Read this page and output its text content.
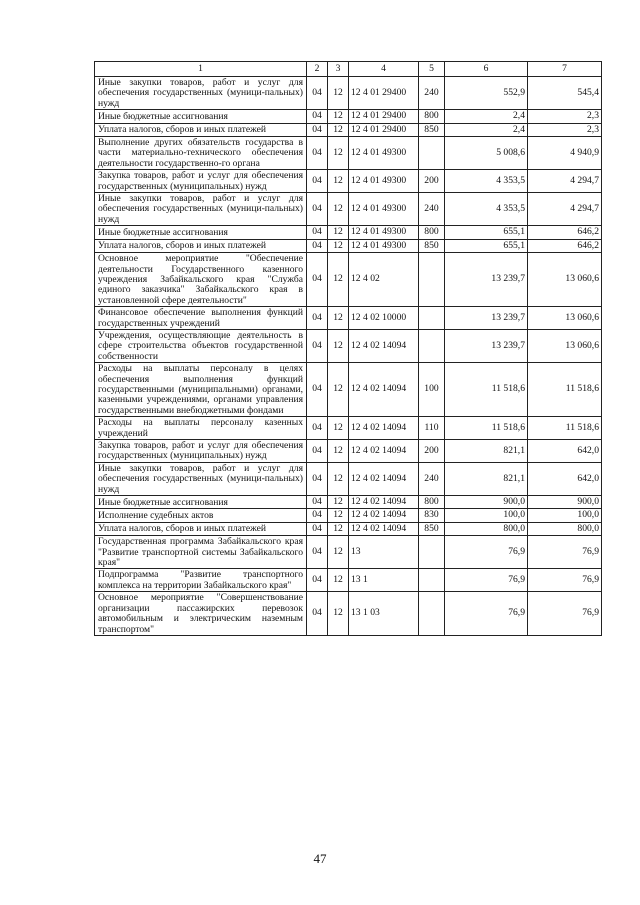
1	2	3	4	5	6	7
Иные закупки товаров, работ и услуг для обеспечения государственных (муници-пальных) нужд	04	12	12 4 01 29400	240	552,9	545,4
Иные бюджетные ассигнования	04	12	12 4 01 29400	800	2,4	2,3
Уплата налогов, сборов и иных платежей	04	12	12 4 01 29400	850	2,4	2,3
Выполнение других обязательств государства в части материально-технического обеспечения деятельности государственно-го органа	04	12	12 4 01 49300		5 008,6	4 940,9
Закупка товаров, работ и услуг для обеспечения государственных (муниципальных) нужд	04	12	12 4 01 49300	200	4 353,5	4 294,7
Иные закупки товаров, работ и услуг для обеспечения государственных (муници-пальных) нужд	04	12	12 4 01 49300	240	4 353,5	4 294,7
Иные бюджетные ассигнования	04	12	12 4 01 49300	800	655,1	646,2
Уплата налогов, сборов и иных платежей	04	12	12 4 01 49300	850	655,1	646,2
Основное мероприятие "Обеспечение деятельности Государственного казенного учреждения Забайкальского края "Служба единого заказчика" Забайкальского края в установленной сфере деятельности"	04	12	12 4 02		13 239,7	13 060,6
Финансовое обеспечение выполнения функций государственных учреждений	04	12	12 4 02 10000		13 239,7	13 060,6
Учреждения, осуществляющие деятельность в сфере строительства объектов государственной собственности	04	12	12 4 02 14094		13 239,7	13 060,6
Расходы на выплаты персоналу в целях обеспечения выполнения функций государственными (муниципальными) органами, казенными учреждениями, органами управления государственными внебюджетными фондами	04	12	12 4 02 14094	100	11 518,6	11 518,6
Расходы на выплаты персоналу казенных учреждений	04	12	12 4 02 14094	110	11 518,6	11 518,6
Закупка товаров, работ и услуг для обеспечения государственных (муниципальных) нужд	04	12	12 4 02 14094	200	821,1	642,0
Иные закупки товаров, работ и услуг для обеспечения государственных (муници-пальных) нужд	04	12	12 4 02 14094	240	821,1	642,0
Иные бюджетные ассигнования	04	12	12 4 02 14094	800	900,0	900,0
Исполнение судебных актов	04	12	12 4 02 14094	830	100,0	100,0
Уплата налогов, сборов и иных платежей	04	12	12 4 02 14094	850	800,0	800,0
Государственная программа Забайкальского края "Развитие транспортной системы Забайкальского края"	04	12	13		76,9	76,9
Подпрограмма "Развитие транспортного комплекса на территории Забайкальского края"	04	12	13 1		76,9	76,9
Основное мероприятие "Совершенствование организации пассажирских перевозок автомобильным и электрическим наземным транспортом"	04	12	13 1 03		76,9	76,9
47
